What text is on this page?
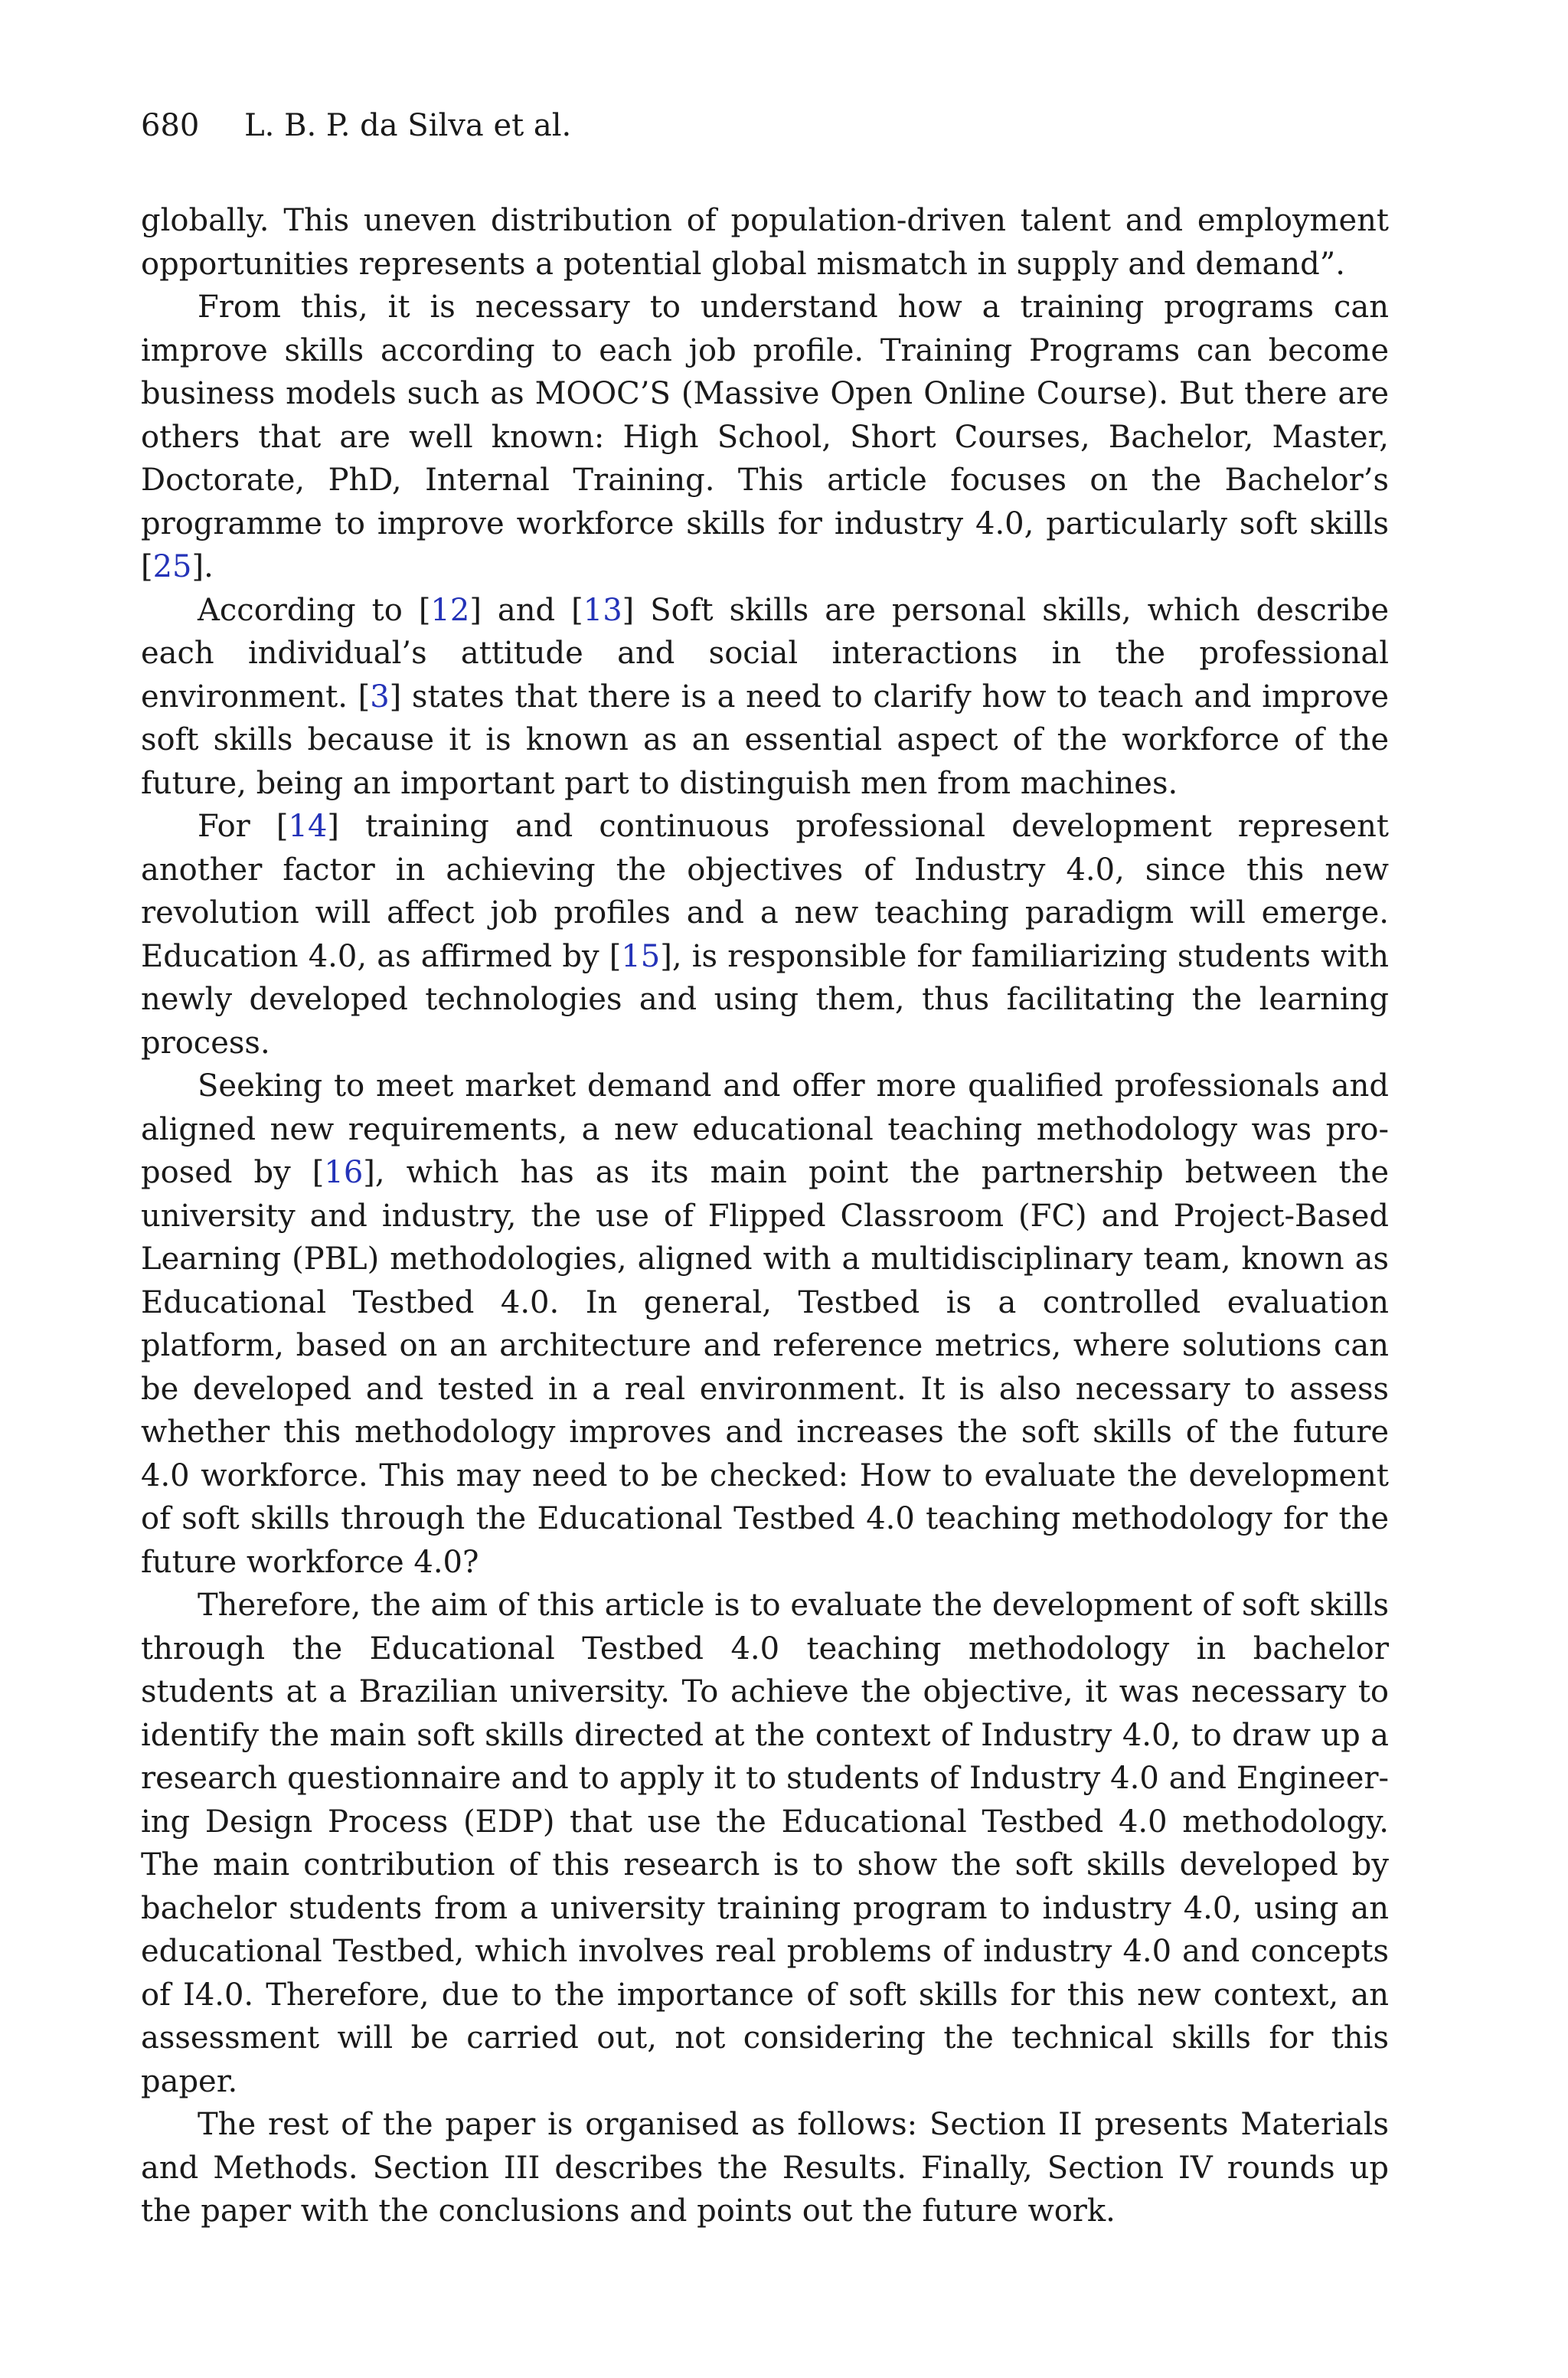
680 L. B. P. da Silva et al.

globally. This uneven distribution of population-driven talent and employment opportunities represents a potential global mismatch in supply and demand”.

From this, it is necessary to understand how a training programs can improve skills according to each job profile. Training Programs can become business models such as MOOC’S (Massive Open Online Course). But there are others that are well known: High School, Short Courses, Bachelor, Master, Doctorate, PhD, Internal Training. This article focuses on the Bachelor’s programme to improve workforce skills for industry 4.0, particularly soft skills [25].

According to [12] and [13] Soft skills are personal skills, which describe each individual’s attitude and social interactions in the professional environment. [3] states that there is a need to clarify how to teach and improve soft skills because it is known as an essential aspect of the workforce of the future, being an important part to distinguish men from machines.

For [14] training and continuous professional development represent another factor in achieving the objectives of Industry 4.0, since this new revolution will affect job profiles and a new teaching paradigm will emerge. Education 4.0, as affirmed by [15], is responsible for familiarizing students with newly developed technologies and using them, thus facilitating the learning process.

Seeking to meet market demand and offer more qualified professionals and aligned new requirements, a new educational teaching methodology was proposed by [16], which has as its main point the partnership between the university and industry, the use of Flipped Classroom (FC) and Project-Based Learning (PBL) methodologies, aligned with a multidisciplinary team, known as Educational Testbed 4.0. In general, Testbed is a controlled evaluation platform, based on an architecture and reference metrics, where solutions can be developed and tested in a real environment. It is also necessary to assess whether this methodology improves and increases the soft skills of the future 4.0 workforce. This may need to be checked: How to evaluate the development of soft skills through the Educational Testbed 4.0 teaching methodology for the future workforce 4.0?

Therefore, the aim of this article is to evaluate the development of soft skills through the Educational Testbed 4.0 teaching methodology in bachelor students at a Brazilian university. To achieve the objective, it was necessary to identify the main soft skills directed at the context of Industry 4.0, to draw up a research questionnaire and to apply it to students of Industry 4.0 and Engineering Design Process (EDP) that use the Educational Testbed 4.0 methodology. The main contribution of this research is to show the soft skills developed by bachelor students from a university training program to industry 4.0, using an educational Testbed, which involves real problems of industry 4.0 and concepts of I4.0. Therefore, due to the importance of soft skills for this new context, an assessment will be carried out, not considering the technical skills for this paper.

The rest of the paper is organised as follows: Section II presents Materials and Methods. Section III describes the Results. Finally, Section IV rounds up the paper with the conclusions and points out the future work.
